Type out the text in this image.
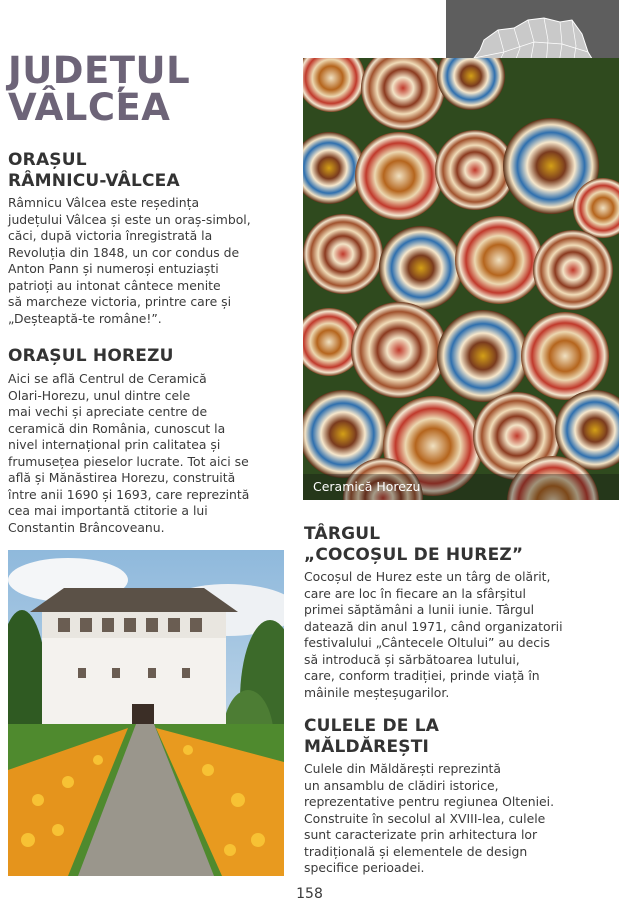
JUDEȚUL
VÂLCEA
ORAȘUL
RÂMNICU-VÂLCEA

Râmnicu Vâlcea este reședința
județului Vâlcea și este un oraș-simbol,
căci, după victoria înregistrată la
Revoluția din 1848, un cor condus de
Anton Pann și numeroși entuziaști
patrioți au intonat cântece menite
să marcheze victoria, printre care și
„Deșteaptă-te române!”.

ORAȘUL HOREZU

Aici se află Centrul de Ceramică
Olari-Horezu, unul dintre cele
mai vechi și apreciate centre de
ceramică din România, cunoscut la
nivel internațional prin calitatea și
frumusețea pieselor lucrate. Tot aici se
află și Mănăstirea Horezu, construită
între anii 1690 și 1693, care reprezintă
cea mai importantă ctitorie a lui
Constantin Brâncoveanu.

Ceramică Horezu
TÂRGUL
„COCOȘUL DE HUREZ”

Cocoșul de Hurez este un târg de olărit,
care are loc în fiecare an la sfârșitul
primei săptămâni a lunii iunie. Târgul
datează din anul 1971, când organizatorii
festivalului „Cântecele Oltului” au decis
să introducă și sărbătoarea lutului,
care, conform tradiției, prinde viață în
mâinile meșteșugarilor.

CULELE DE LA
MĂLDĂREȘTI

Culele din Măldărești reprezintă
un ansamblu de clădiri istorice,
reprezentative pentru regiunea Olteniei.
Construite în secolul al XVIII-lea, culele
sunt caracterizate prin arhitectura lor
tradițională și elementele de design
specifice perioadei.

158
